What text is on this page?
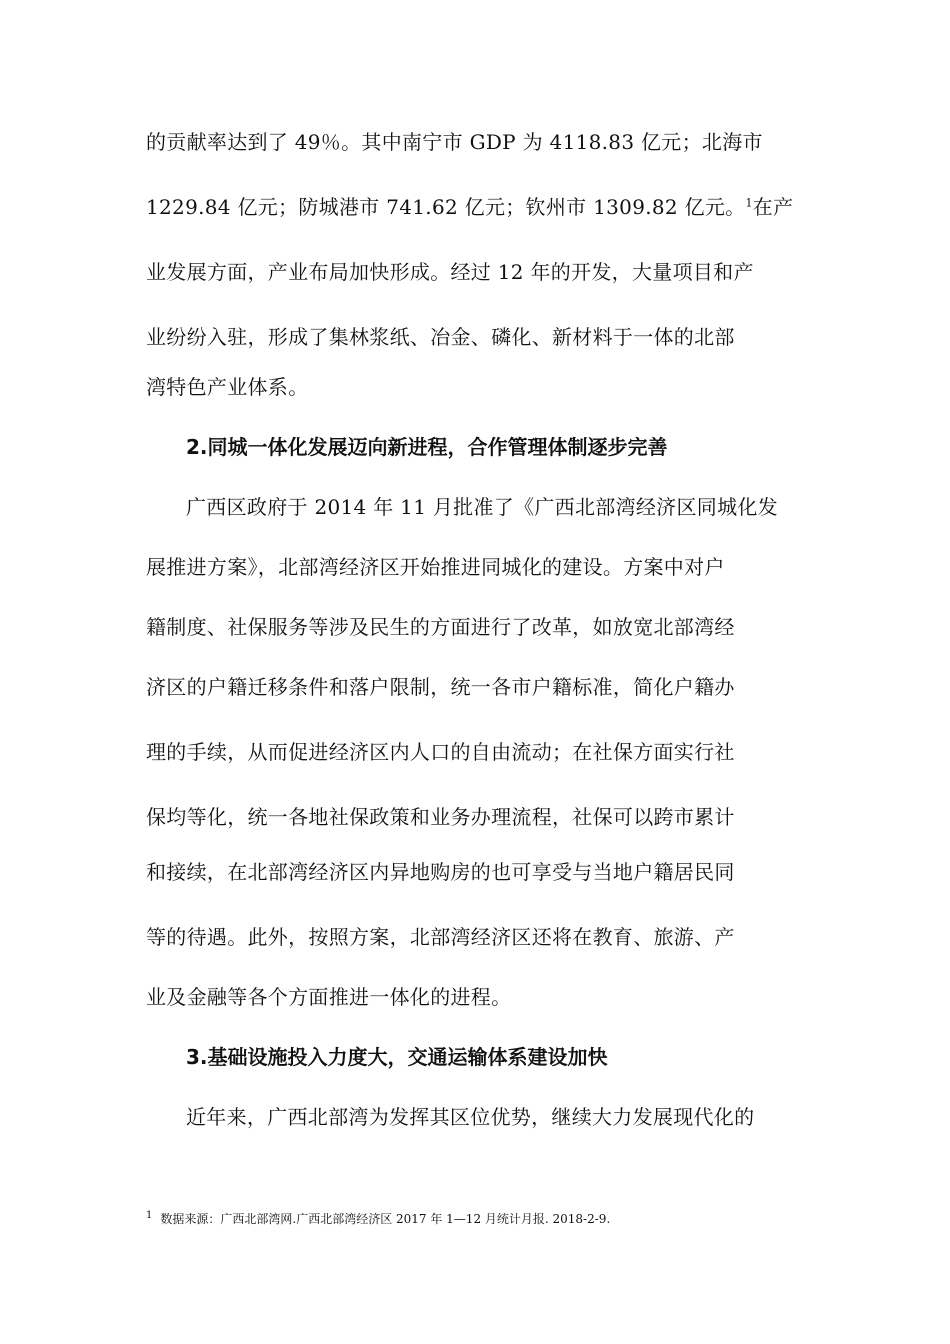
的贡献率达到了 49％。其中南宁市 GDP 为 4118.83 亿元；北海市
1229.84 亿元；防城港市 741.62 亿元；钦州市 1309.82 亿元。$^1$在产
业发展方面，产业布局加快形成。经过 12 年的开发，大量项目和产
业纷纷入驻，形成了集林浆纸、冶金、磷化、新材料于一体的北部
湾特色产业体系。
2.同城一体化发展迈向新进程，合作管理体制逐步完善
广西区政府于 2014 年 11 月批准了《广西北部湾经济区同城化发
展推进方案》，北部湾经济区开始推进同城化的建设。方案中对户
籍制度、社保服务等涉及民生的方面进行了改革，如放宽北部湾经
济区的户籍迁移条件和落户限制，统一各市户籍标准，简化户籍办
理的手续，从而促进经济区内人口的自由流动；在社保方面实行社
保均等化，统一各地社保政策和业务办理流程，社保可以跨市累计
和接续，在北部湾经济区内异地购房的也可享受与当地户籍居民同
等的待遇。此外，按照方案，北部湾经济区还将在教育、旅游、产
业及金融等各个方面推进一体化的进程。
3.基础设施投入力度大，交通运输体系建设加快
近年来，广西北部湾为发挥其区位优势，继续大力发展现代化的
$^1$ 数据来源：广西北部湾网.广西北部湾经济区 2017 年 1—12 月统计月报. 2018-2-9.
